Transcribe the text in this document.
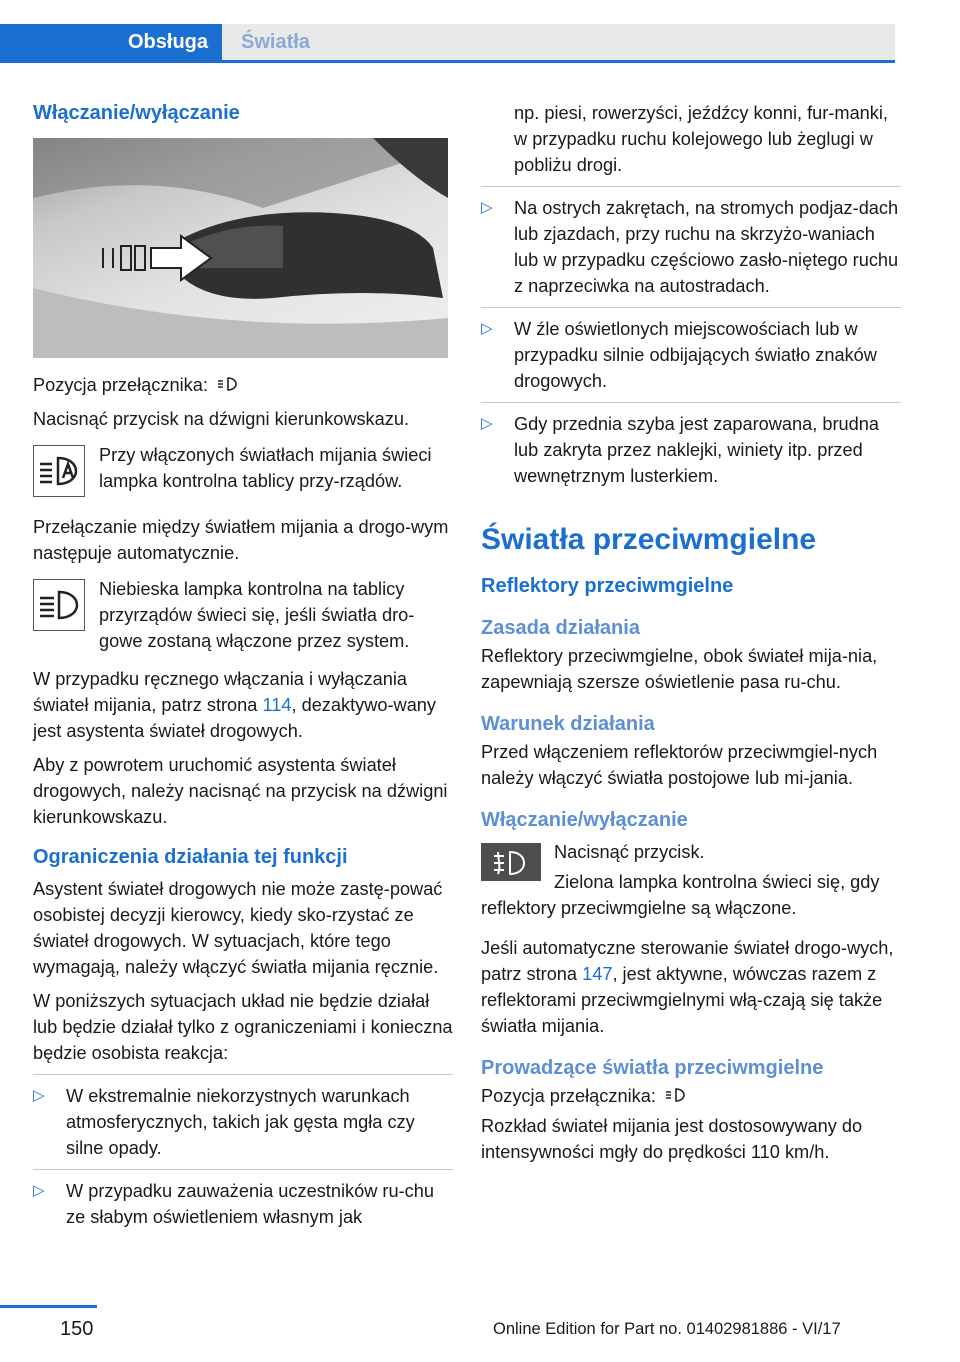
Obsługa Światła
Włączanie/wyłączanie

Pozycja przełącznika:

Nacisnąć przycisk na dźwigni kierunkowskazu.

Przy włączonych światłach mijania świeci lampka kontrolna tablicy przy-rządów.

Przełączanie między światłem mijania a drogo-wym następuje automatycznie.

Niebieska lampka kontrolna na tablicy przyrządów świeci się, jeśli światła dro-gowe zostaną włączone przez system.

W przypadku ręcznego włączania i wyłączania świateł mijania, patrz strona 114, dezaktywo-wany jest asystenta świateł drogowych.

Aby z powrotem uruchomić asystenta świateł drogowych, należy nacisnąć na przycisk na dźwigni kierunkowskazu.

Ograniczenia działania tej funkcji

Asystent świateł drogowych nie może zastę-pować osobistej decyzji kierowcy, kiedy sko-rzystać ze świateł drogowych. W sytuacjach, które tego wymagają, należy włączyć światła mijania ręcznie.

W poniższych sytuacjach układ nie będzie działał lub będzie działał tylko z ograniczeniami i konieczna będzie osobista reakcja:

▷ W ekstremalnie niekorzystnych warunkach atmosferycznych, takich jak gęsta mgła czy silne opady.
▷ W przypadku zauważenia uczestników ru-chu ze słabym oświetleniem własnym jak

np. piesi, rowerzyści, jeźdźcy konni, fur-manki, w przypadku ruchu kolejowego lub żeglugi w pobliżu drogi.

▷ Na ostrych zakrętach, na stromych podjaz-dach lub zjazdach, przy ruchu na skrzyżo-waniach lub w przypadku częściowo zasło-niętego ruchu z naprzeciwka na autostradach.
▷ W źle oświetlonych miejscowościach lub w przypadku silnie odbijających światło znaków drogowych.
▷ Gdy przednia szyba jest zaparowana, brudna lub zakryta przez naklejki, winiety itp. przed wewnętrznym lusterkiem.
Światła przeciwmgielne
Reflektory przeciwmgielne
Zasada działania

Reflektory przeciwmgielne, obok świateł mija-nia, zapewniają szersze oświetlenie pasa ru-chu.

Warunek działania

Przed włączeniem reflektorów przeciwmgiel-nych należy włączyć światła postojowe lub mi-jania.

Włączanie/wyłączanie

Nacisnąć przycisk.

Zielona lampka kontrolna świeci się, gdy reflektory przeciwmgielne są włączone.

Jeśli automatyczne sterowanie świateł drogo-wych, patrz strona 147, jest aktywne, wówczas razem z reflektorami przeciwmgielnymi włą-czają się także światła mijania.

Prowadzące światła przeciwmgielne

Pozycja przełącznika:

Rozkład świateł mijania jest dostosowywany do intensywności mgły do prędkości 110 km/h.

150	Online Edition for Part no. 01402981886 - VI/17
